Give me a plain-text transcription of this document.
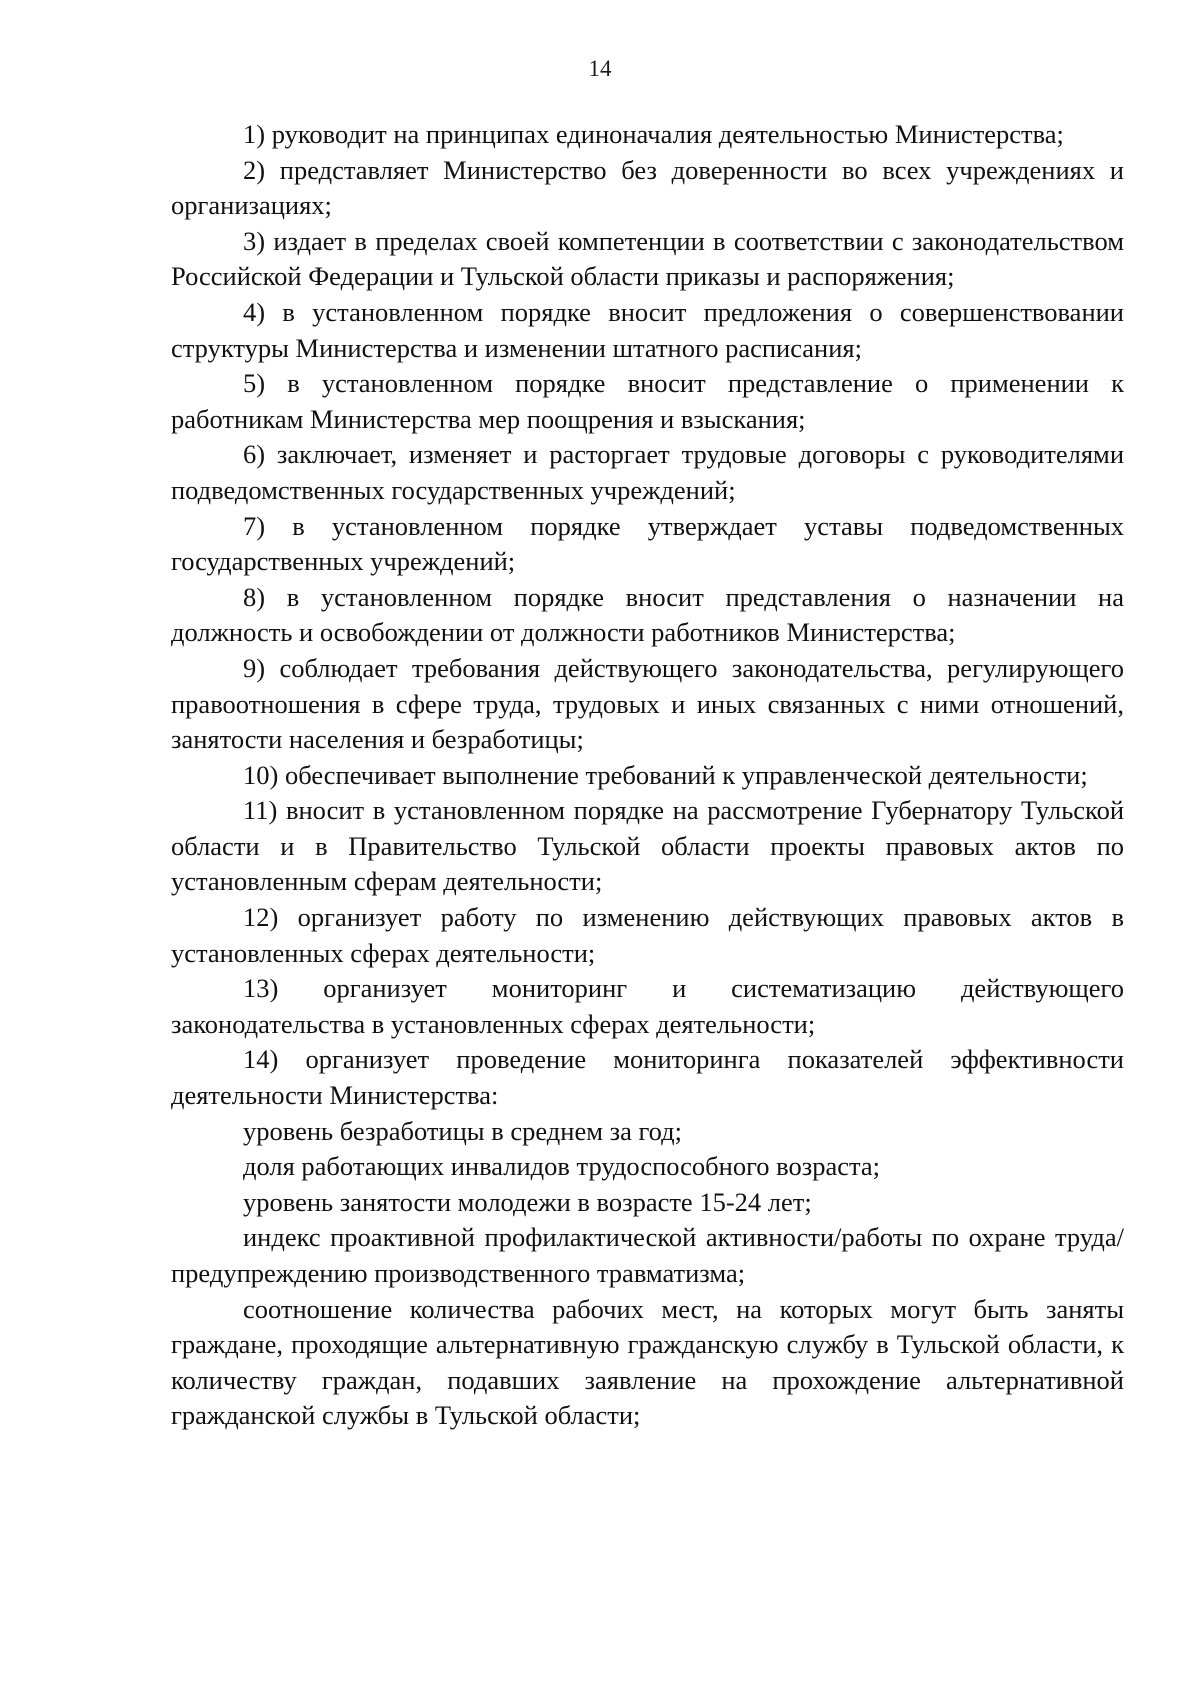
14

1) руководит на принципах единоначалия деятельностью Министерства;

2) представляет Министерство без доверенности во всех учреждениях и организациях;

3) издает в пределах своей компетенции в соответствии с законодательством Российской Федерации и Тульской области приказы и распоряжения;

4) в установленном порядке вносит предложения о совершенствовании структуры Министерства и изменении штатного расписания;

5) в установленном порядке вносит представление о применении к работникам Министерства мер поощрения и взыскания;

6) заключает, изменяет и расторгает трудовые договоры с руководителями подведомственных государственных учреждений;

7) в установленном порядке утверждает уставы подведомственных государственных учреждений;

8) в установленном порядке вносит представления о назначении на должность и освобождении от должности работников Министерства;

9) соблюдает требования действующего законодательства, регулирующего правоотношения в сфере труда, трудовых и иных связанных с ними отношений, занятости населения и безработицы;

10) обеспечивает выполнение требований к управленческой деятельности;

11) вносит в установленном порядке на рассмотрение Губернатору Тульской области и в Правительство Тульской области проекты правовых актов по установленным сферам деятельности;

12) организует работу по изменению действующих правовых актов в установленных сферах деятельности;

13) организует мониторинг и систематизацию действующего законодательства в установленных сферах деятельности;

14) организует проведение мониторинга показателей эффективности деятельности Министерства:

уровень безработицы в среднем за год;

доля работающих инвалидов трудоспособного возраста;

уровень занятости молодежи в возрасте 15-24 лет;

индекс проактивной профилактической активности/работы по охране труда/предупреждению производственного травматизма;

соотношение количества рабочих мест, на которых могут быть заняты граждане, проходящие альтернативную гражданскую службу в Тульской области, к количеству граждан, подавших заявление на прохождение альтернативной гражданской службы в Тульской области;
